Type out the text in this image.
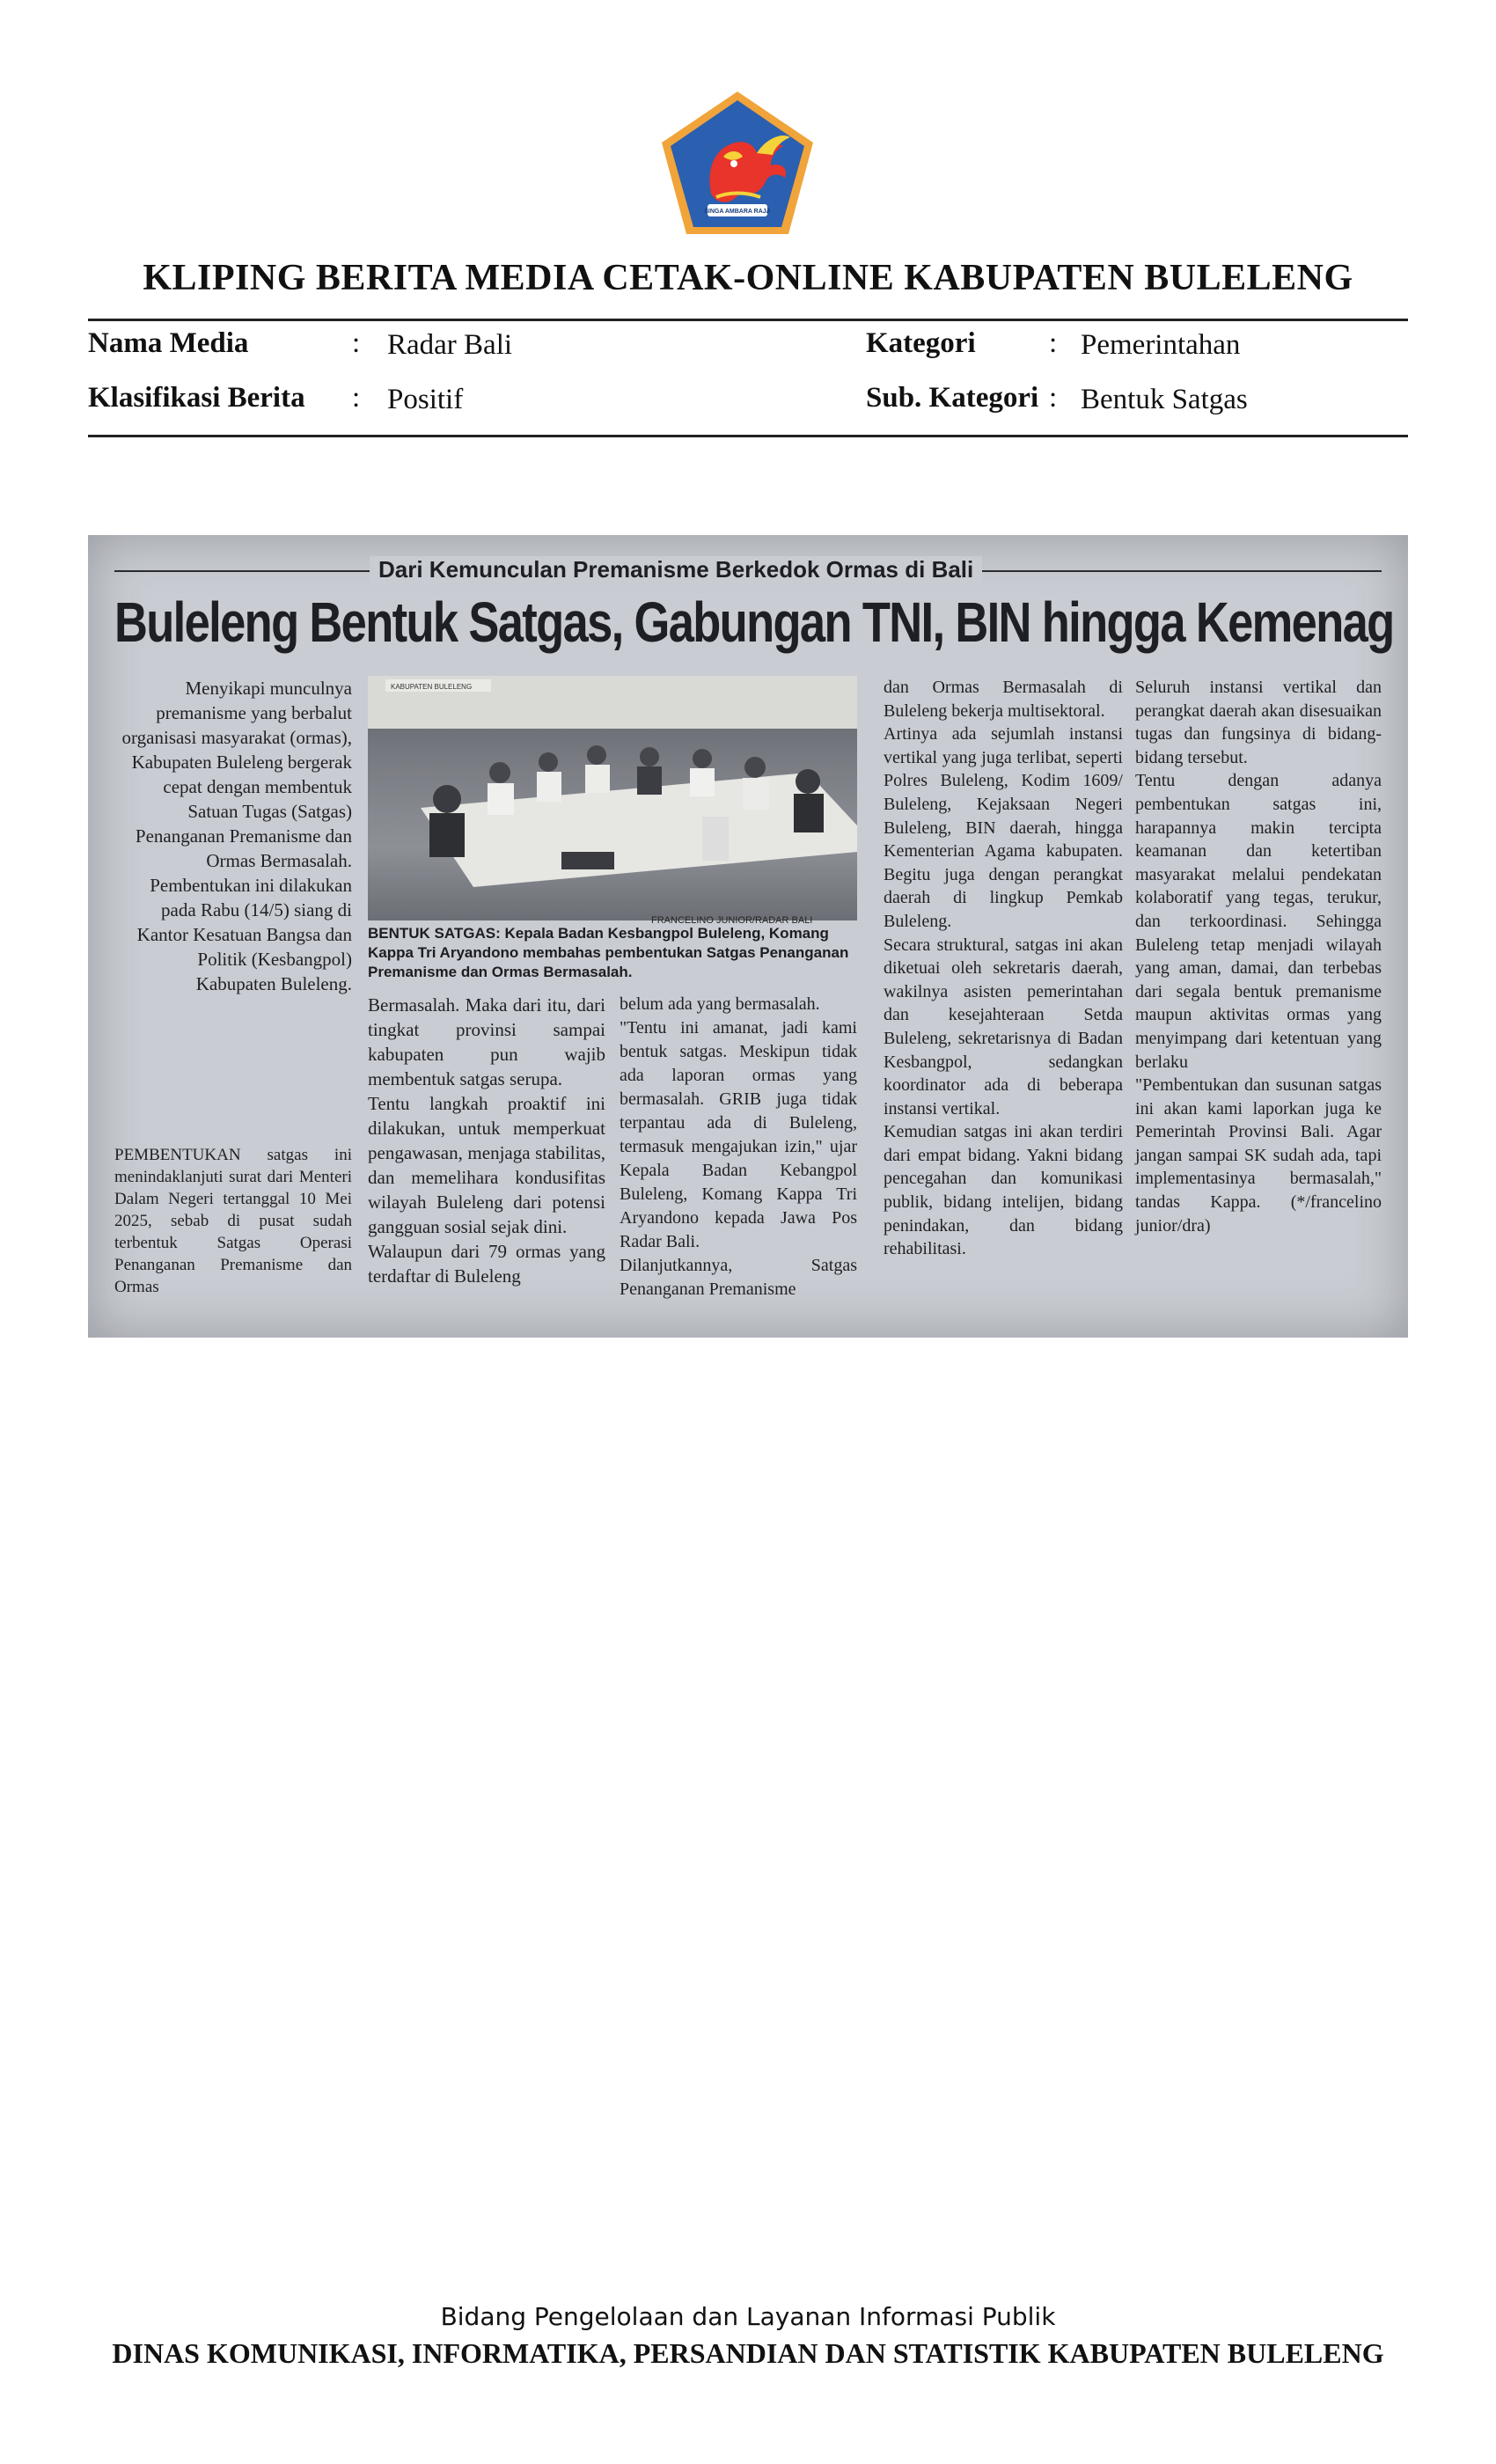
SINGA AMBARA RAJA
KLIPING BERITA MEDIA CETAK-ONLINE KABUPATEN BULELENG
Nama Media	: Radar Bali	Kategori	: Pemerintahan
Klasifikasi Berita : Positif	Sub. Kategori : Bentuk Satgas
Dari Kemunculan Premanisme Berkedok Ormas di Bali
Buleleng Bentuk Satgas, Gabungan TNI, BIN hingga Kemenag
Menyikapi munculnya premanisme yang berbalut organisasi masyarakat (ormas), Kabupaten Buleleng bergerak cepat dengan membentuk Satuan Tugas (Satgas) Penanganan Premanisme dan Ormas Bermasalah.
Pembentukan ini dilakukan pada Rabu (14/5) siang di Kantor Kesatuan Bangsa dan Politik (Kesbangpol) Kabupaten Buleleng.
PEMBENTUKAN satgas ini menindaklanjuti surat dari Menteri Dalam Negeri tertanggal 10 Mei 2025, sebab di pusat sudah terbentuk Satgas Operasi Penanganan Premanisme dan Ormas
KABUPATEN BULELENG
FRANCELINO JUNIOR/RADAR BALI
BENTUK SATGAS: Kepala Badan Kesbangpol Buleleng, Komang Kappa Tri Aryandono membahas pembentukan Satgas Penanganan Premanisme dan Ormas Bermasalah.
Bermasalah. Maka dari itu, dari tingkat provinsi sampai kabupaten pun wajib membentuk satgas serupa.
Tentu langkah proaktif ini dilakukan, untuk memperkuat pengawasan, menjaga stabilitas, dan memelihara kondusifitas wilayah Buleleng dari potensi gangguan sosial sejak dini.
Walaupun dari 79 ormas yang terdaftar di Buleleng
belum ada yang bermasalah.
"Tentu ini amanat, jadi kami bentuk satgas. Meskipun tidak ada laporan ormas yang bermasalah. GRIB juga tidak terpantau ada di Buleleng, termasuk mengajukan izin," ujar Kepala Badan Kebangpol Buleleng, Komang Kappa Tri Aryandono kepada Jawa Pos Radar Bali.
Dilanjutkannya, Satgas Penanganan Premanisme
dan Ormas Bermasalah di Buleleng bekerja multisektoral.
Artinya ada sejumlah instansi vertikal yang juga terlibat, seperti Polres Buleleng, Kodim 1609/ Buleleng, Kejaksaan Negeri Buleleng, BIN daerah, hingga Kementerian Agama kabupaten. Begitu juga dengan perangkat daerah di lingkup Pemkab Buleleng.
Secara struktural, satgas ini akan diketuai oleh sekretaris daerah, wakilnya asisten pemerintahan dan kesejahteraan Setda Buleleng, sekretarisnya di Badan Kesbangpol, sedangkan koordinator ada di beberapa instansi vertikal.
Kemudian satgas ini akan terdiri dari empat bidang. Yakni bidang pencegahan dan komunikasi publik, bidang intelijen, bidang penindakan, dan bidang rehabilitasi.
Seluruh instansi vertikal dan perangkat daerah akan disesuaikan tugas dan fungsinya di bidang-bidang tersebut.
Tentu dengan adanya pembentukan satgas ini, harapannya makin tercipta keamanan dan ketertiban masyarakat melalui pendekatan kolaboratif yang tegas, terukur, dan terkoordinasi. Sehingga Buleleng tetap menjadi wilayah yang aman, damai, dan terbebas dari segala bentuk premanisme maupun aktivitas ormas yang menyimpang dari ketentuan yang berlaku
"Pembentukan dan susunan satgas ini akan kami laporkan juga ke Pemerintah Provinsi Bali. Agar jangan sampai SK sudah ada, tapi implementasinya bermasalah," tandas Kappa. (*/francelino junior/dra)
Bidang Pengelolaan dan Layanan Informasi Publik
DINAS KOMUNIKASI, INFORMATIKA, PERSANDIAN DAN STATISTIK KABUPATEN BULELENG
